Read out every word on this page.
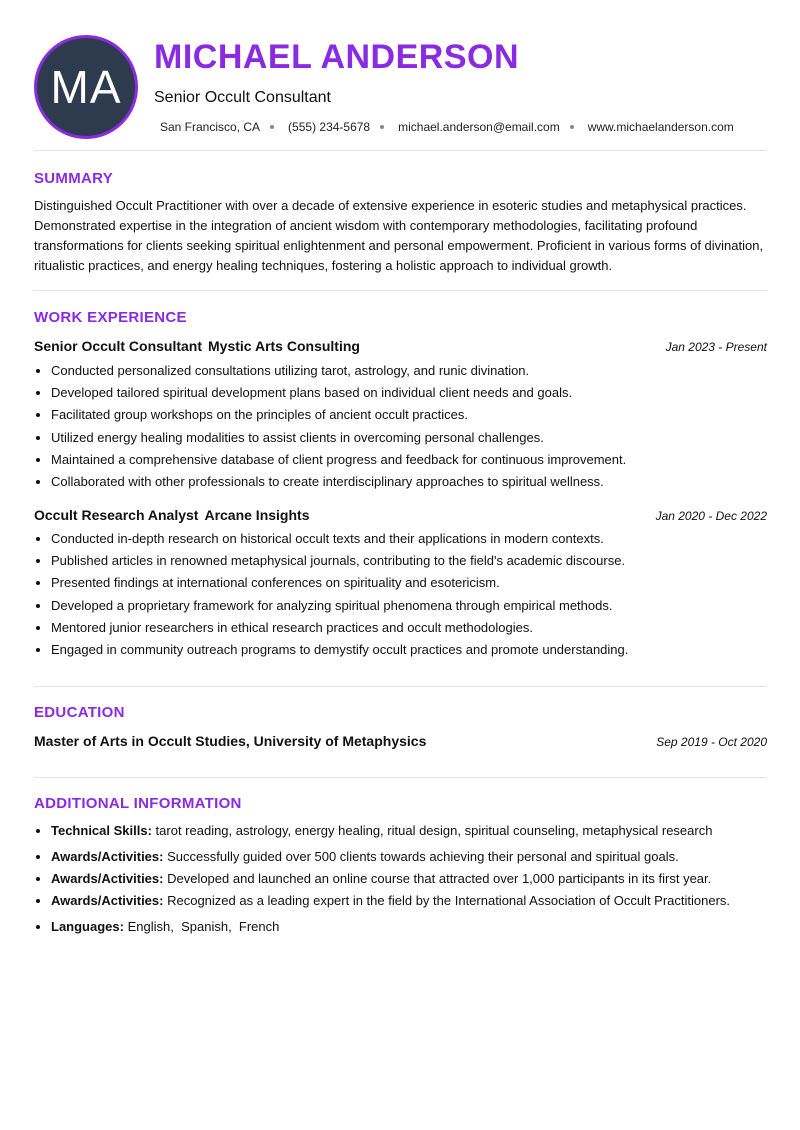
MA
MICHAEL ANDERSON
Senior Occult Consultant
San Francisco, CA (555) 234-5678 michael.anderson@email.com www.michaelanderson.com
SUMMARY
Distinguished Occult Practitioner with over a decade of extensive experience in esoteric studies and metaphysical practices. Demonstrated expertise in the integration of ancient wisdom with contemporary methodologies, facilitating profound transformations for clients seeking spiritual enlightenment and personal empowerment. Proficient in various forms of divination, ritualistic practices, and energy healing techniques, fostering a holistic approach to individual growth.
WORK EXPERIENCE
Senior Occult Consultant Mystic Arts Consulting	Jan 2023 - Present
• Conducted personalized consultations utilizing tarot, astrology, and runic divination.
• Developed tailored spiritual development plans based on individual client needs and goals.
• Facilitated group workshops on the principles of ancient occult practices.
• Utilized energy healing modalities to assist clients in overcoming personal challenges.
• Maintained a comprehensive database of client progress and feedback for continuous improvement.
• Collaborated with other professionals to create interdisciplinary approaches to spiritual wellness.
Occult Research Analyst Arcane Insights	Jan 2020 - Dec 2022
• Conducted in-depth research on historical occult texts and their applications in modern contexts.
• Published articles in renowned metaphysical journals, contributing to the field's academic discourse.
• Presented findings at international conferences on spirituality and esotericism.
• Developed a proprietary framework for analyzing spiritual phenomena through empirical methods.
• Mentored junior researchers in ethical research practices and occult methodologies.
• Engaged in community outreach programs to demystify occult practices and promote understanding.
EDUCATION
Master of Arts in Occult Studies, University of Metaphysics	Sep 2019 - Oct 2020
ADDITIONAL INFORMATION
• Technical Skills: tarot reading, astrology, energy healing, ritual design, spiritual counseling, metaphysical research
• Awards/Activities: Successfully guided over 500 clients towards achieving their personal and spiritual goals.
• Awards/Activities: Developed and launched an online course that attracted over 1,000 participants in its first year.
• Awards/Activities: Recognized as a leading expert in the field by the International Association of Occult Practitioners.
• Languages: English , Spanish , French
